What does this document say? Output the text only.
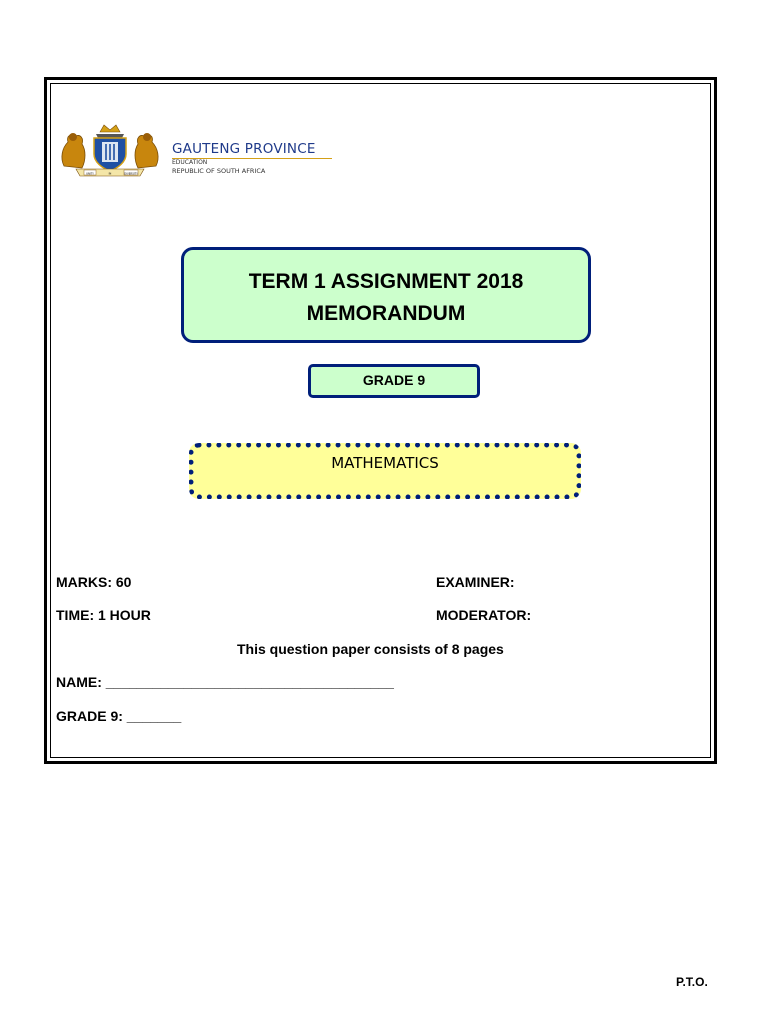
UNITY	IN	DIVERSITY
GAUTENG PROVINCE
EDUCATION
REPUBLIC OF SOUTH AFRICA
TERM 1 ASSIGNMENT 2018
MEMORANDUM
GRADE 9
MATHEMATICS
MARKS: 60	EXAMINER:
TIME: 1 HOUR	MODERATOR:
This question paper consists of 8 pages
NAME: _____________________________________
GRADE 9: _______
P.T.O.
